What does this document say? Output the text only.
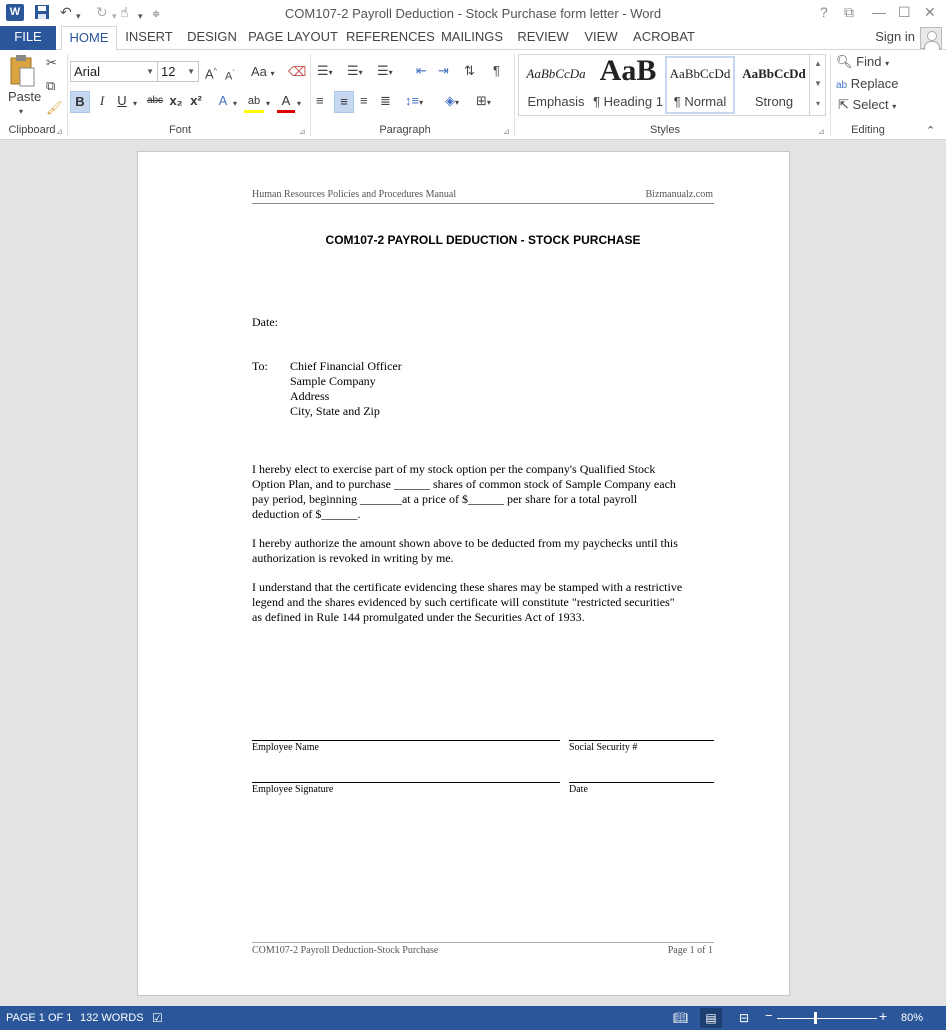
W	↶ ▾ ↻ ▾ ☝ ▾ ≑	COM107-2 Payroll Deduction - Stock Purchase form letter - Word	? ⧉ — ☐ ✕
FILE	HOME	INSERT	DESIGN PAGE LAYOUT REFERENCES MAILINGS REVIEW	VIEW	ACROBAT	Sign in
Paste
▾
✂
⧉
🖌
Clipboard ⊿
Arial	▼ 12 ▼ A^ $A^ˇ$ Aa ▾ ⌫
B	I	U ▾ abc x₂ x²	A ▾ ab ▾ A ▾
Font	⊿
☰▾ ☰▾ ☰▾ ⇤ ⇥ ⇅ ¶
≡	≡ ≡ ≣ ↕≡▾ ◈▾ ⊞▾
Paragraph	⊿
AaBbCcDa
Emphasis
AaB
¶ Heading 1
AaBbCcDd
¶ Normal
AaBbCcDd
Strong
▲
▼
▾
Styles	⊿
🔍︎ Find ▾
ab Replace
⇱ Select ▾
Editing	⌃
Human Resources Policies and Procedures Manual	Bizmanualz.com
COM107-2 PAYROLL DEDUCTION - STOCK PURCHASE
Date:
To: Chief Financial Officer
Sample Company
Address
City, State and Zip
I hereby elect to exercise part of my stock option per the company's Qualified Stock
Option Plan, and to purchase ______ shares of common stock of Sample Company each
pay period, beginning _______at a price of $______ per share for a total payroll
deduction of $______.
I hereby authorize the amount shown above to be deducted from my paychecks until this
authorization is revoked in writing by me.
I understand that the certificate evidencing these shares may be stamped with a restrictive
legend and the shares evidenced by such certificate will constitute "restricted securities"
as defined in Rule 144 promulgated under the Securities Act of 1933.
Employee Name	Social Security #
Employee Signature	Date
COM107-2 Payroll Deduction-Stock Purchase	Page 1 of 1
PAGE 1 OF 1 132 WORDS ☑	📖︎	▤	⊟ −	+ 80%
